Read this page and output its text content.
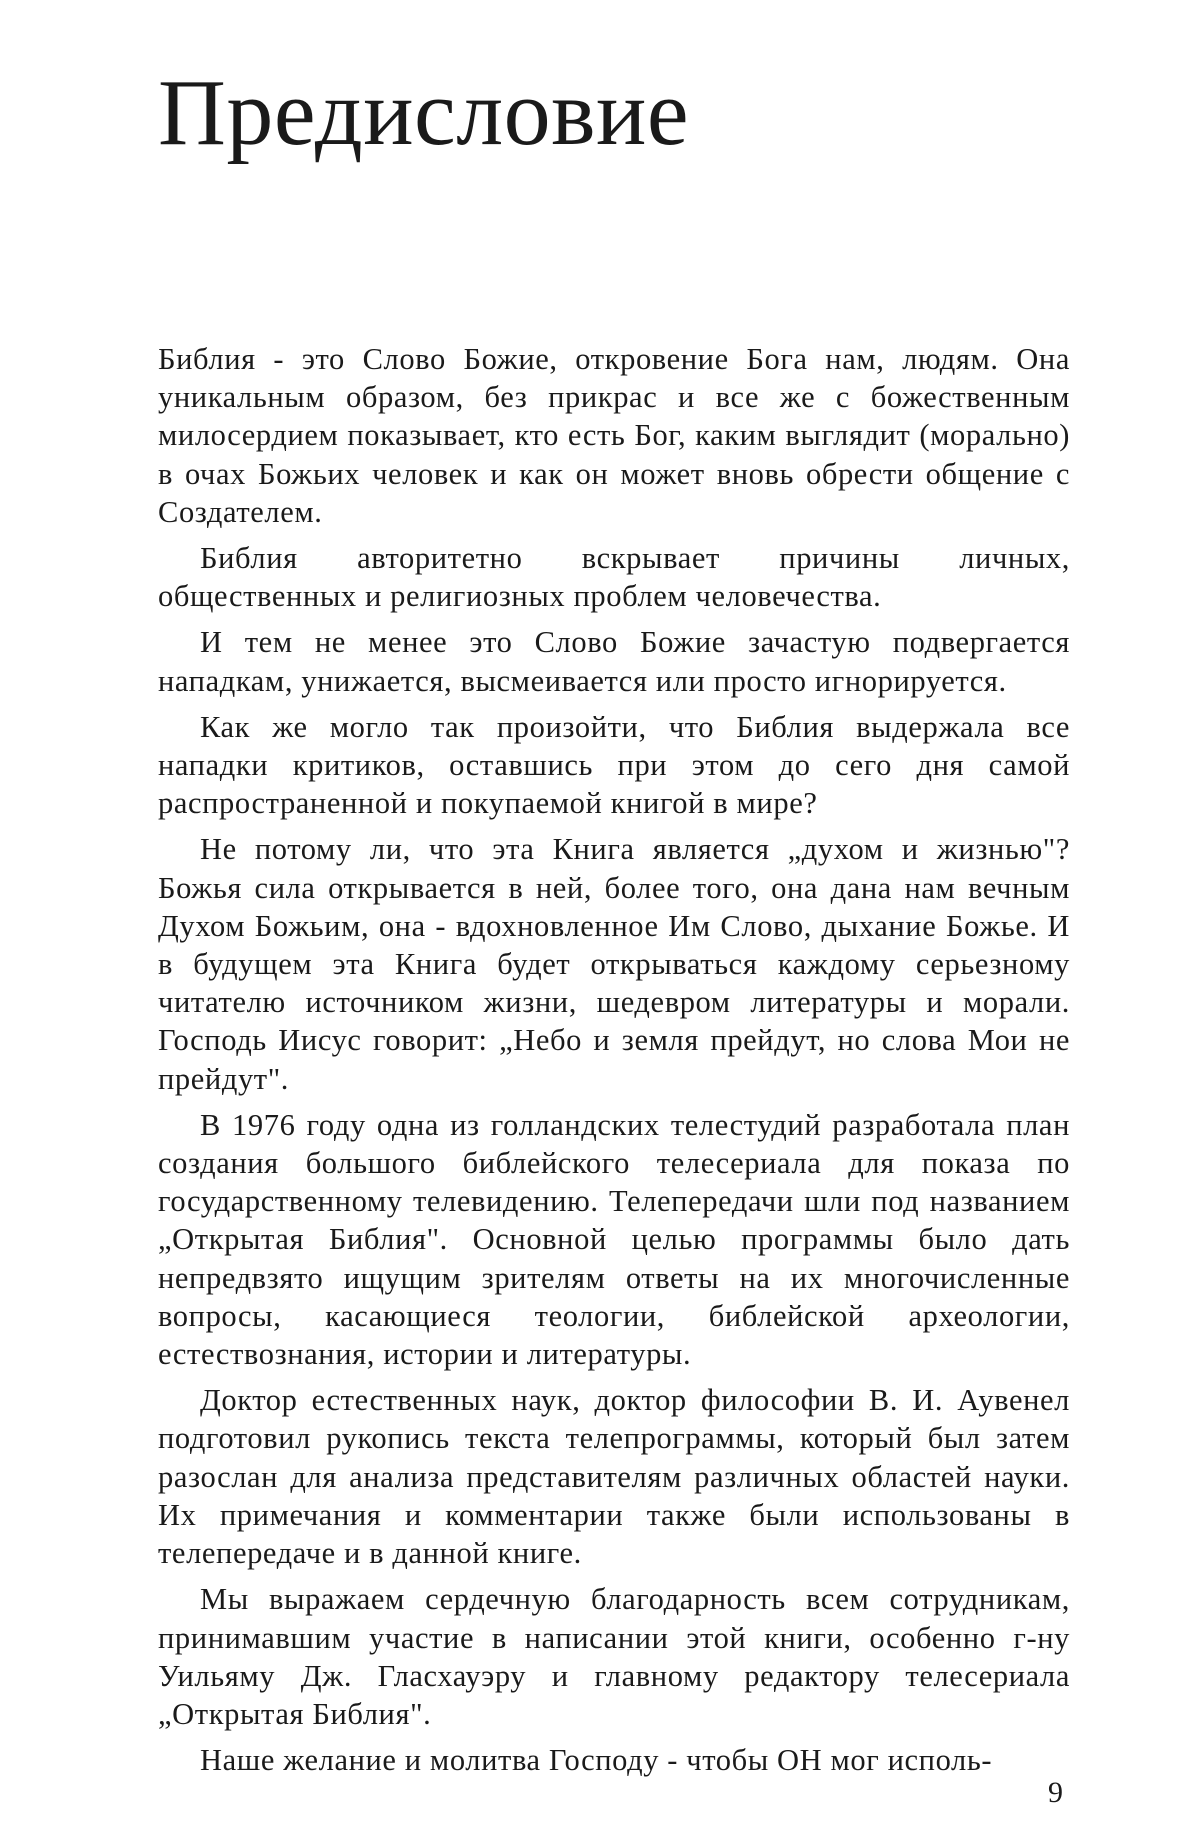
Предисловие

Библия - это Слово Божие, откровение Бога нам, людям. Она уникальным образом, без прикрас и все же с божественным милосердием показывает, кто есть Бог, каким выглядит (морально) в очах Божьих человек и как он может вновь обрести общение с Создателем.

Библия авторитетно вскрывает причины личных, общественных и религиозных проблем человечества.

И тем не менее это Слово Божие зачастую подвергается нападкам, унижается, высмеивается или просто игнорируется.

Как же могло так произойти, что Библия выдержала все нападки критиков, оставшись при этом до сего дня самой распространенной и покупаемой книгой в мире?

Не потому ли, что эта Книга является „духом и жизнью"? Божья сила открывается в ней, более того, она дана нам вечным Духом Божьим, она - вдохновленное Им Слово, дыхание Божье. И в будущем эта Книга будет открываться каждому серьезному читателю источником жизни, шедевром литературы и морали. Господь Иисус говорит: „Небо и земля прейдут, но слова Мои не прейдут".

В 1976 году одна из голландских телестудий разработала план создания большого библейского телесериала для показа по государственному телевидению. Телепередачи шли под названием „Открытая Библия". Основной целью программы было дать непредвзято ищущим зрителям ответы на их многочисленные вопросы, касающиеся теологии, библейской археологии, естествознания, истории и литературы.

Доктор естественных наук, доктор философии В. И. Аувенел подготовил рукопись текста телепрограммы, который был затем разослан для анализа представителям различных областей науки. Их примечания и комментарии также были использованы в телепередаче и в данной книге.

Мы выражаем сердечную благодарность всем сотрудникам, принимавшим участие в написании этой книги, особенно г-ну Уильяму Дж. Гласхауэру и главному редактору телесериала „Открытая Библия".

Наше желание и молитва Господу - чтобы ОН мог исполь-

9
